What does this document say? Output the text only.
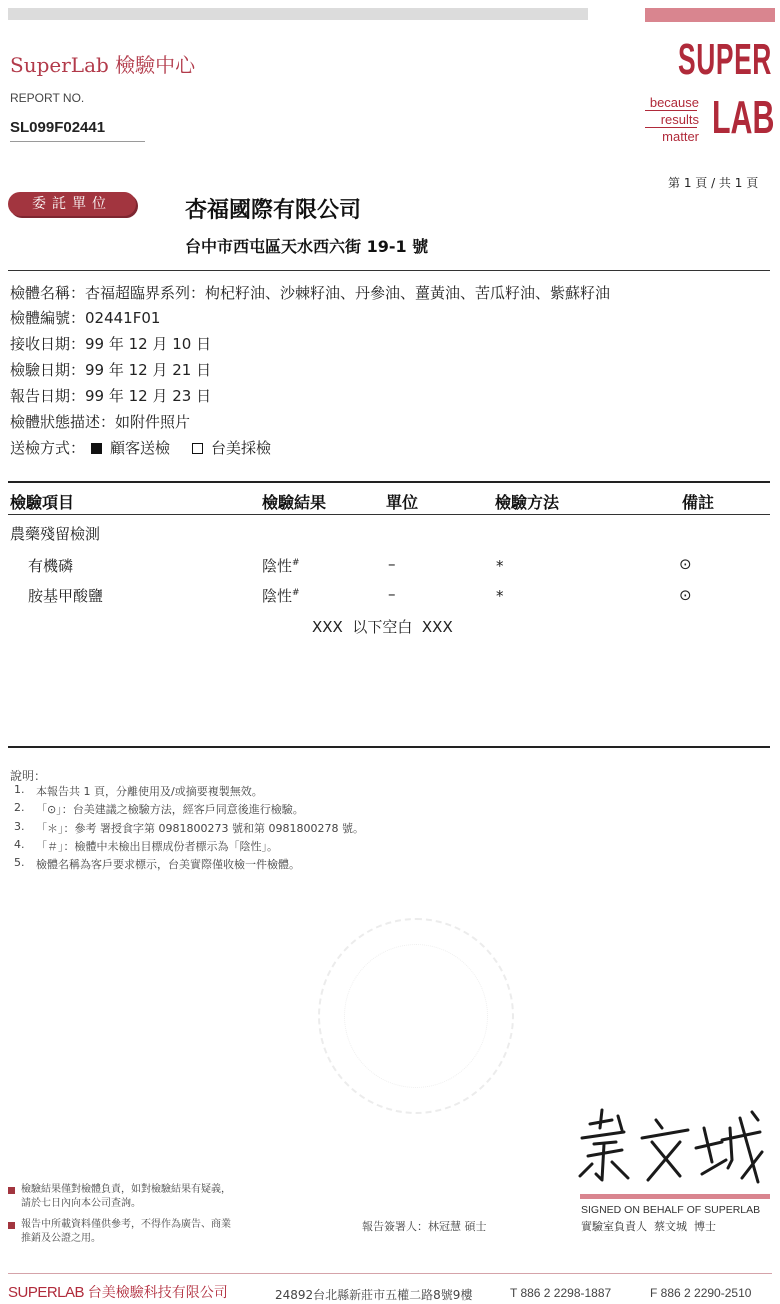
SuperLab 檢驗中心
REPORT NO.
SL099F02441
SUPER
LAB
because
results
matter
第 1 頁 / 共 1 頁
委託單位	杏福國際有限公司
台中市西屯區天水西六街 19-1 號
檢體名稱：杏福超臨界系列：枸杞籽油、沙棘籽油、丹參油、薑黃油、苦瓜籽油、紫蘇籽油
檢體編號：02441F01
接收日期：99 年 12 月 10 日
檢驗日期：99 年 12 月 21 日
報告日期：99 年 12 月 23 日
檢體狀態描述：如附件照片
送檢方式： 顧客送檢	台美採檢
檢驗項目	檢驗結果	單位	檢驗方法	備註
農藥殘留檢測
有機磷	陰性#	–	*	⊙
胺基甲酸鹽	陰性#	–	*	⊙
XXX  以下空白  XXX
說明：
1. 本報告共 1 頁，分離使用及/或摘要複製無效。
2. 「⊙」：台美建議之檢驗方法，經客戶同意後進行檢驗。
3. 「＊」：參考 署授食字第 0981800273 號和第 0981800278 號。
4. 「＃」：檢體中未檢出目標成份者標示為「陰性」。
5. 檢體名稱為客戶要求標示，台美實際僅收檢一件檢體。
檢驗結果僅對檢體負責，如對檢驗結果有疑義，
請於七日內向本公司查詢。
報告中所載資料僅供參考，不得作為廣告、商業
推銷及公證之用。
報告簽署人：林冠慧 碩士
SIGNED ON BEHALF OF SUPERLAB
實驗室負責人  蔡文城  博士
SUPERLAB 台美檢驗科技有限公司	24892台北縣新莊市五權二路8號9樓	T 886 2 2298-1887	F 886 2 2290-2510
